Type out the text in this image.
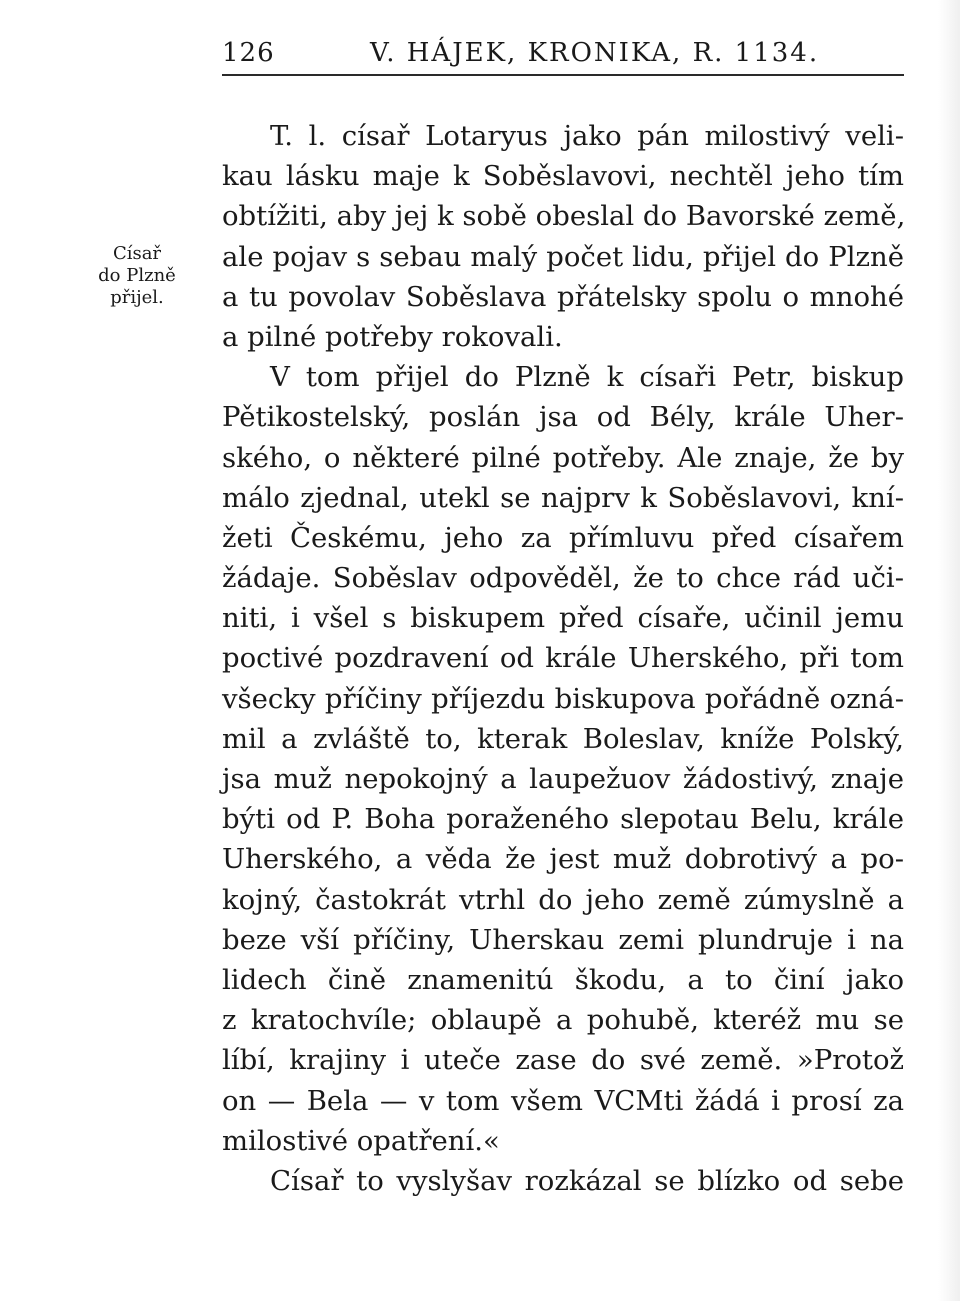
126	V. HÁJEK, KRONIKA, R. 1134.
Císař
do Plzně
přijel.
T. l. císař Lotaryus jako pán milostivý veli-
kau lásku maje k Soběslavovi, nechtěl jeho tím
obtížiti, aby jej k sobě obeslal do Bavorské země,
ale pojav s sebau malý počet lidu, přijel do Plzně
a tu povolav Soběslava přátelsky spolu o mnohé
a pilné potřeby rokovali.
V tom přijel do Plzně k císaři Petr, biskup
Pětikostelský, poslán jsa od Bély, krále Uher-
ského, o některé pilné potřeby. Ale znaje, že by
málo zjednal, utekl se najprv k Soběslavovi, kní-
žeti Českému, jeho za přímluvu před císařem
žádaje. Soběslav odpověděl, že to chce rád uči-
niti, i všel s biskupem před císaře, učinil jemu
poctivé pozdravení od krále Uherského, při tom
všecky příčiny příjezdu biskupova pořádně ozná-
mil a zvláště to, kterak Boleslav, kníže Polský,
jsa muž nepokojný a laupežuov žádostivý, znaje
býti od P. Boha poraženého slepotau Belu, krále
Uherského, a věda že jest muž dobrotivý a po-
kojný, častokrát vtrhl do jeho země zúmyslně a
beze vší příčiny, Uherskau zemi plundruje i na
lidech čině znamenitú škodu, a to činí jako
z kratochvíle; oblaupě a pohubě, kteréž mu se
líbí, krajiny i uteče zase do své země. »Protož
on — Bela — v tom všem VCMti žádá i prosí za
milostivé opatření.«
Císař to vyslyšav rozkázal se blízko od sebe
